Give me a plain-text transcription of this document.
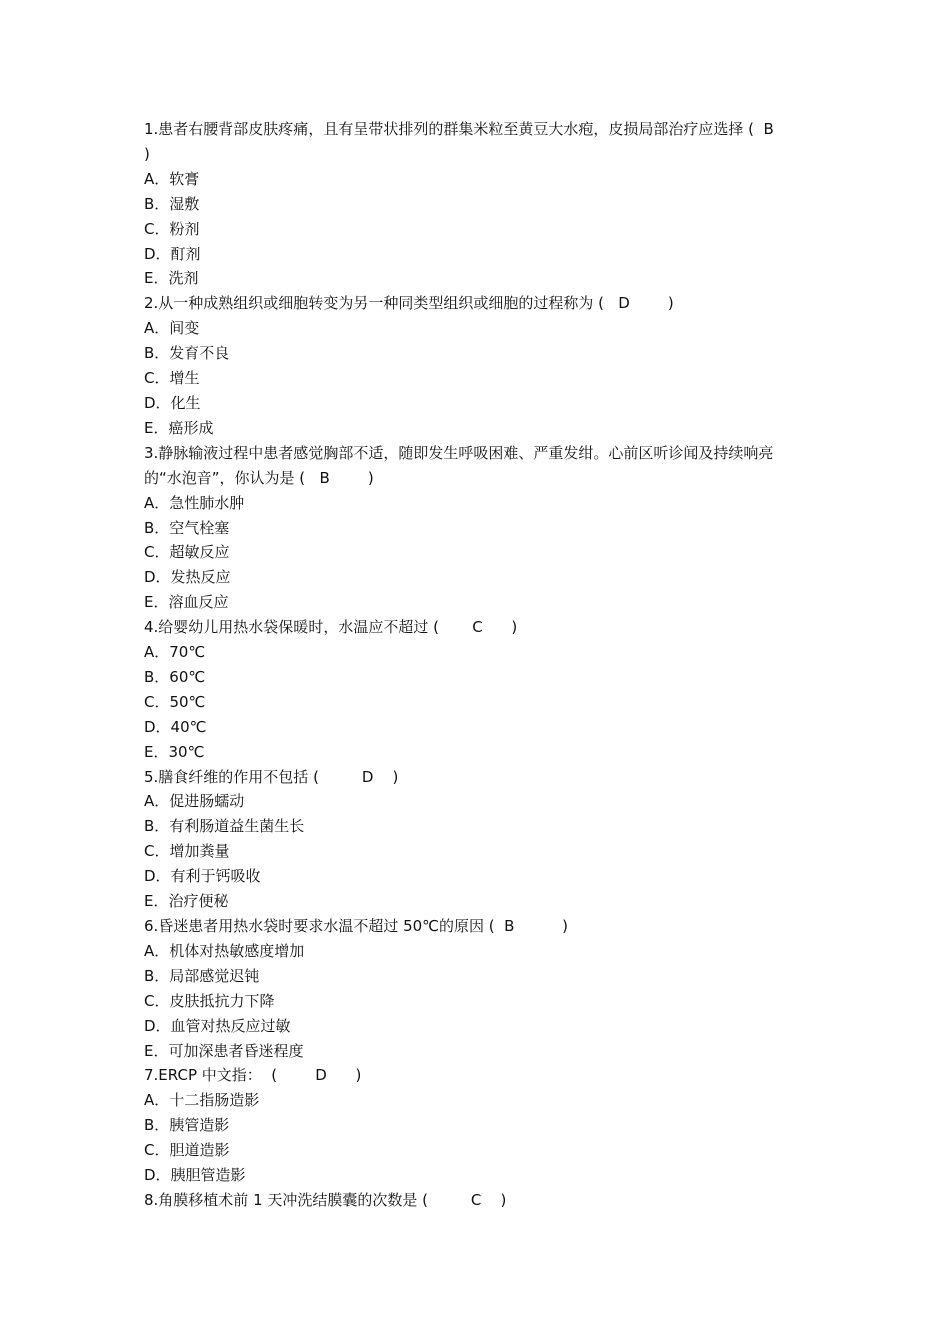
1.患者右腰背部皮肤疼痛，且有呈带状排列的群集米粒至黄豆大水疱，皮损局部治疗应选择 (  B         )

A．软膏

B．湿敷

C．粉剂

D．酊剂

E．洗剂

2.从一种成熟组织或细胞转变为另一种同类型组织或细胞的过程称为 (   D        )

A．间变

B．发育不良

C．增生

D．化生

E．癌形成

3.静脉输液过程中患者感觉胸部不适，随即发生呼吸困难、严重发绀。心前区听诊闻及持续响亮的“水泡音”，你认为是 (   B        )

A．急性肺水肿

B．空气栓塞

C．超敏反应

D．发热反应

E．溶血反应

4.给婴幼儿用热水袋保暖时，水温应不超过 (       C      )

A．70℃

B．60℃

C．50℃

D．40℃

E．30℃

5.膳食纤维的作用不包括 (         D    )

A．促进肠蠕动

B．有利肠道益生菌生长

C．增加粪量

D．有利于钙吸收

E．治疗便秘

6.昏迷患者用热水袋时要求水温不超过 50℃的原因 (  B          )

A．机体对热敏感度增加

B．局部感觉迟钝

C．皮肤抵抗力下降

D．血管对热反应过敏

E．可加深患者昏迷程度

7.ERCP 中文指：  (        D      )

A．十二指肠造影

B．胰管造影

C．胆道造影

D．胰胆管造影

8.角膜移植术前 1 天冲洗结膜囊的次数是 (         C    )
